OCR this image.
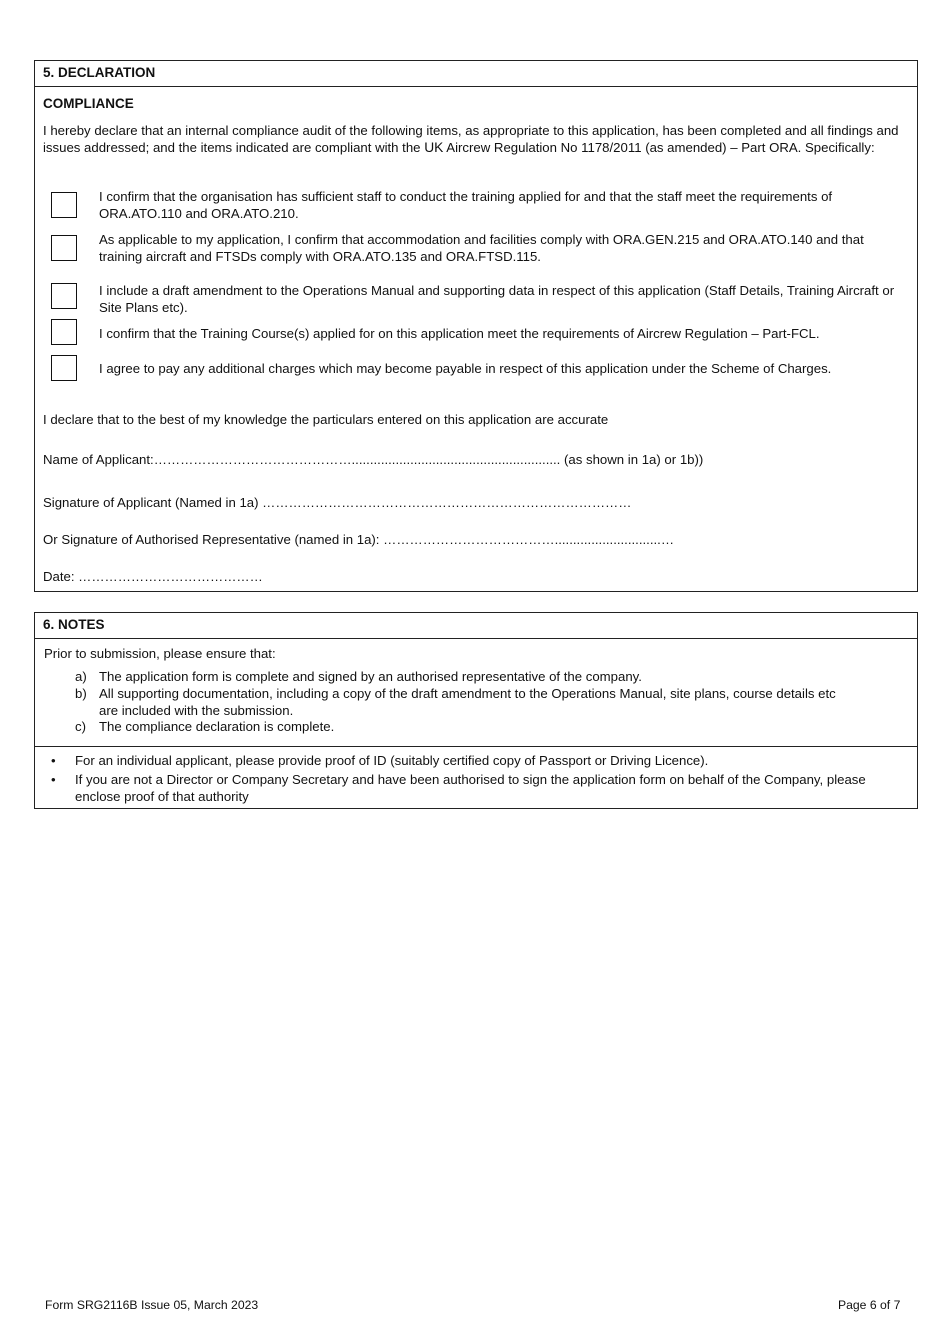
5. DECLARATION
COMPLIANCE
I hereby declare that an internal compliance audit of the following items, as appropriate to this application, has been completed and all findings and issues addressed; and the items indicated are compliant with the UK Aircrew Regulation No 1178/2011 (as amended) – Part ORA. Specifically:
I confirm that the organisation has sufficient staff to conduct the training applied for and that the staff meet the requirements of ORA.ATO.110 and ORA.ATO.210.
As applicable to my application, I confirm that accommodation and facilities comply with ORA.GEN.215 and ORA.ATO.140 and that training aircraft and FTSDs comply with ORA.ATO.135 and ORA.FTSD.115.
I include a draft amendment to the Operations Manual and supporting data in respect of this application (Staff Details, Training Aircraft or Site Plans etc).
I confirm that the Training Course(s) applied for on this application meet the requirements of Aircrew Regulation – Part-FCL.
I agree to pay any additional charges which may become payable in respect of this application under the Scheme of Charges.
I declare that to the best of my knowledge the particulars entered on this application are accurate
Name of Applicant:………………………………………......................................................... (as shown in 1a) or 1b))
Signature of Applicant (Named in 1a) …………………………………………………………………………
Or Signature of Authorised Representative (named in 1a): ………………………………….............................…
Date: ……………………………………
6. NOTES
Prior to submission, please ensure that:
a) The application form is complete and signed by an authorised representative of the company.
b) All supporting documentation, including a copy of the draft amendment to the Operations Manual, site plans, course details etc are included with the submission.
c) The compliance declaration is complete.
• For an individual applicant, please provide proof of ID (suitably certified copy of Passport or Driving Licence).
• If you are not a Director or Company Secretary and have been authorised to sign the application form on behalf of the Company, please enclose proof of that authority
Form SRG2116B Issue 05, March 2023	Page 6 of 7
